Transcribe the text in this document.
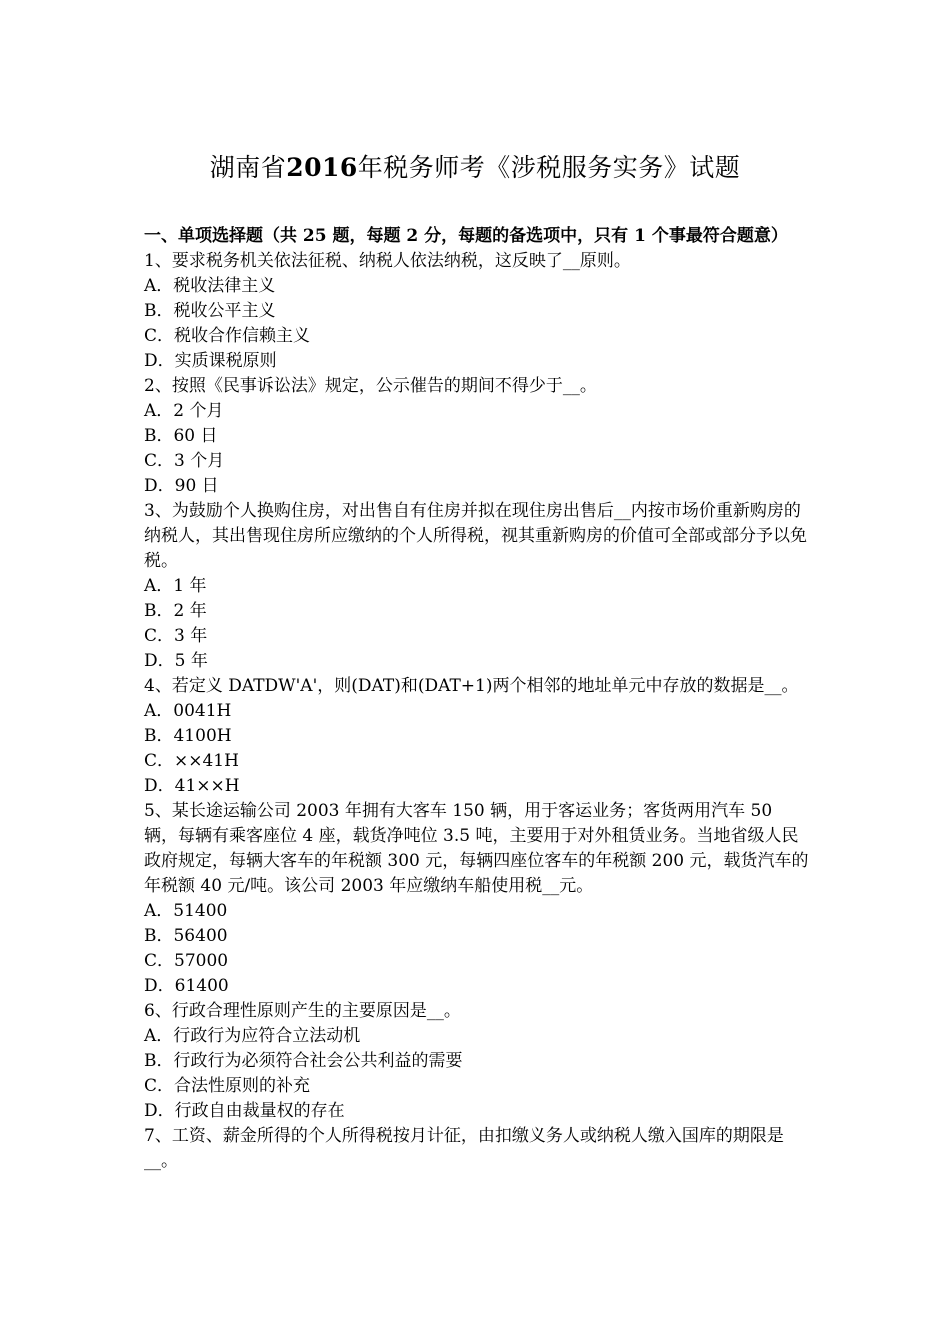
湖南省2016年税务师考《涉税服务实务》试题

一、单项选择题（共 25 题，每题 2 分，每题的备选项中，只有 1 个事最符合题意）

1、要求税务机关依法征税、纳税人依法纳税，这反映了__原则。

A．税收法律主义

B．税收公平主义

C．税收合作信赖主义

D．实质课税原则

2、按照《民事诉讼法》规定，公示催告的期间不得少于__。

A．2 个月

B．60 日

C．3 个月

D．90 日

3、为鼓励个人换购住房，对出售自有住房并拟在现住房出售后__内按市场价重新购房的纳税人，其出售现住房所应缴纳的个人所得税，视其重新购房的价值可全部或部分予以免税。

A．1 年

B．2 年

C．3 年

D．5 年

4、若定义 DATDW'A'，则(DAT)和(DAT+1)两个相邻的地址单元中存放的数据是__。

A．0041H

B．4100H

C．××41H

D．41××H

5、某长途运输公司 2003 年拥有大客车 150 辆，用于客运业务；客货两用汽车 50 辆，每辆有乘客座位 4 座，载货净吨位 3.5 吨，主要用于对外租赁业务。当地省级人民政府规定，每辆大客车的年税额 300 元，每辆四座位客车的年税额 200 元，载货汽车的年税额 40 元/吨。该公司 2003 年应缴纳车船使用税__元。

A．51400

B．56400

C．57000

D．61400

6、行政合理性原则产生的主要原因是__。

A．行政行为应符合立法动机

B．行政行为必须符合社会公共利益的需要

C．合法性原则的补充

D．行政自由裁量权的存在

7、工资、薪金所得的个人所得税按月计征，由扣缴义务人或纳税人缴入国库的期限是__。
